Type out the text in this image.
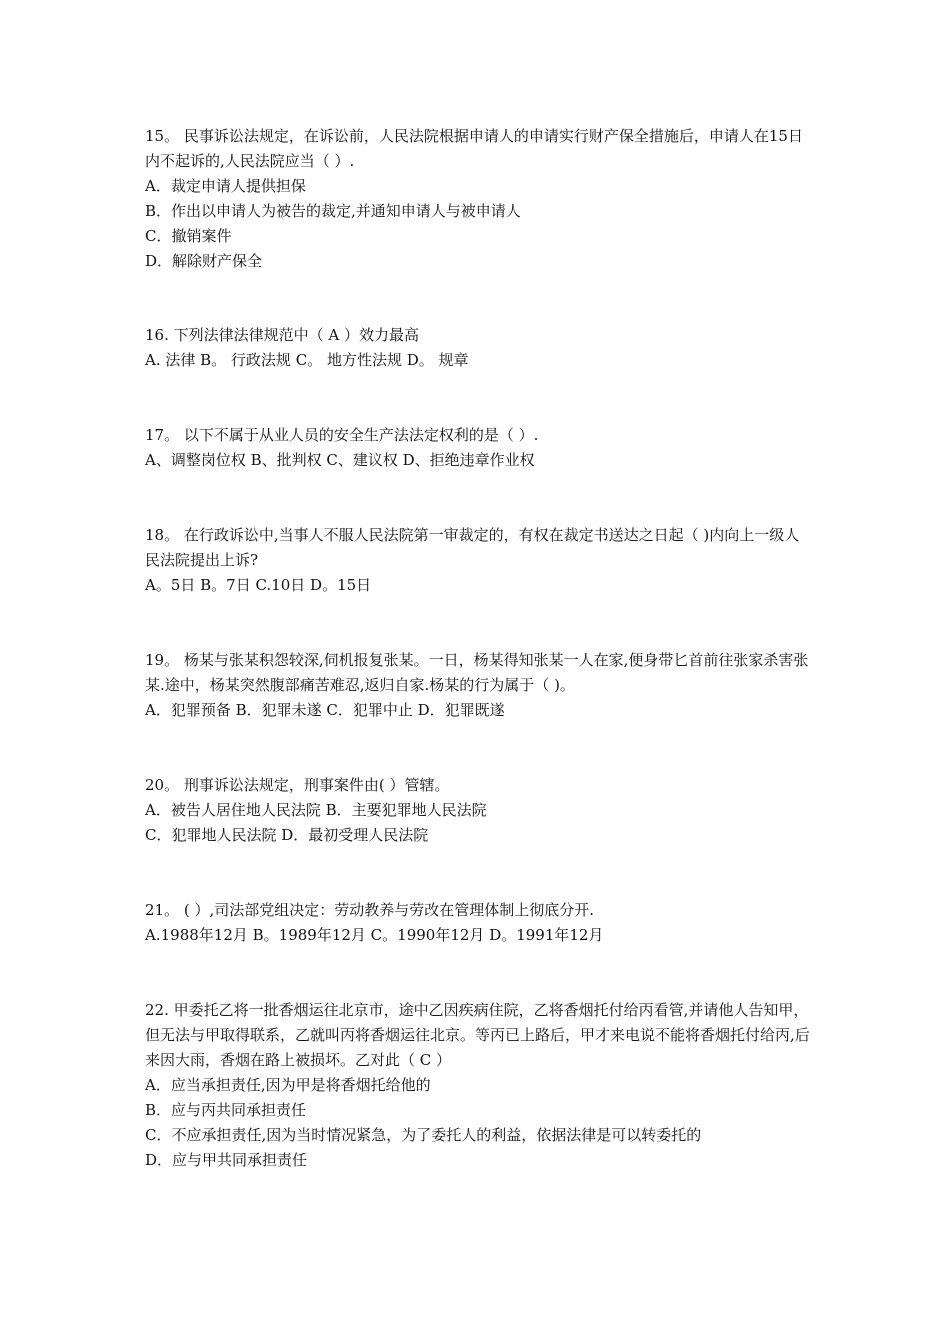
15。 民事诉讼法规定，在诉讼前，人民法院根据申请人的申请实行财产保全措施后，申请人在15日内不起诉的,人民法院应当（ ）.

A．裁定申请人提供担保

B．作出以申请人为被告的裁定,并通知申请人与被申请人

C．撤销案件

D．解除财产保全

16. 下列法律法律规范中（ A ）效力最高

A. 法律 B。 行政法规 C。 地方性法规 D。 规章

17。 以下不属于从业人员的安全生产法法定权利的是（ ）.

A、调整岗位权 B、批判权 C、建议权 D、拒绝违章作业权

18。 在行政诉讼中,当事人不服人民法院第一审裁定的，有权在裁定书送达之日起（ )内向上一级人民法院提出上诉?

A。5日 B。7日 C.10日 D。15日

19。 杨某与张某积怨较深,伺机报复张某。一日，杨某得知张某一人在家,便身带匕首前往张家杀害张某.途中，杨某突然腹部痛苦难忍,返归自家.杨某的行为属于（ )。

A．犯罪预备 B．犯罪未遂 C．犯罪中止 D．犯罪既遂

20。 刑事诉讼法规定，刑事案件由( ）管辖。

A．被告人居住地人民法院 B．主要犯罪地人民法院

C．犯罪地人民法院 D．最初受理人民法院

21。 ( ）,司法部党组决定：劳动教养与劳改在管理体制上彻底分开.

A.1988年12月 B。1989年12月 C。1990年12月 D。1991年12月

22. 甲委托乙将一批香烟运往北京市，途中乙因疾病住院，乙将香烟托付给丙看管,并请他人告知甲，但无法与甲取得联系，乙就叫丙将香烟运往北京。等丙已上路后，甲才来电说不能将香烟托付给丙,后来因大雨，香烟在路上被损坏。乙对此（ C ）

A．应当承担责任,因为甲是将香烟托给他的

B．应与丙共同承担责任

C．不应承担责任,因为当时情况紧急，为了委托人的利益，依据法律是可以转委托的

D．应与甲共同承担责任
